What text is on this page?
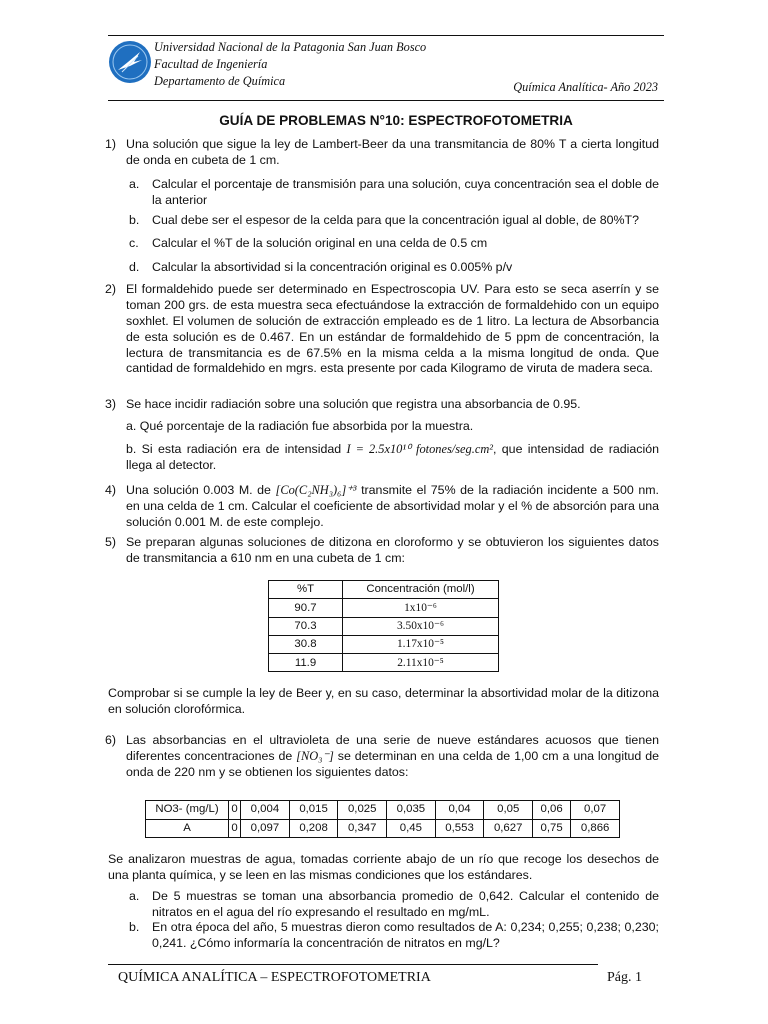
Universidad Nacional de la Patagonia San Juan Bosco
Facultad de Ingeniería
Departamento de Química	Química Analítica- Año 2023
GUÍA DE PROBLEMAS N°10: ESPECTROFOTOMETRIA
1) Una solución que sigue la ley de Lambert-Beer da una transmitancia de 80% T a cierta longitud de onda en cubeta de 1 cm.
a. Calcular el porcentaje de transmisión para una solución, cuya concentración sea el doble de la anterior
b. Cual debe ser el espesor de la celda para que la concentración igual al doble, de 80%T?
c. Calcular el %T de la solución original en una celda de 0.5 cm
d. Calcular la absortividad si la concentración original es 0.005% p/v
2) El formaldehido puede ser determinado en Espectroscopia UV. Para esto se seca aserrín y se toman 200 grs. de esta muestra seca efectuándose la extracción de formaldehido con un equipo soxhlet. El volumen de solución de extracción empleado es de 1 litro. La lectura de Absorbancia de esta solución es de 0.467. En un estándar de formaldehido de 5 ppm de concentración, la lectura de transmitancia es de 67.5% en la misma celda a la misma longitud de onda. Que cantidad de formaldehido en mgrs. esta presente por cada Kilogramo de viruta de madera seca.
3) Se hace incidir radiación sobre una solución que registra una absorbancia de 0.95.
a. Qué porcentaje de la radiación fue absorbida por la muestra.
b. Si esta radiación era de intensidad I = 2.5x10¹⁰ fotones/seg.cm², que intensidad de radiación llega al detector.
4) Una solución 0.003 M. de [Co(C₂NH₃)₆]⁺³ transmite el 75% de la radiación incidente a 500 nm. en una celda de 1 cm. Calcular el coeficiente de absortividad molar y el % de absorción para una solución 0.001 M. de este complejo.
5) Se preparan algunas soluciones de ditizona en cloroformo y se obtuvieron los siguientes datos de transmitancia a 610 nm en una cubeta de 1 cm:
%T	Concentración (mol/l)
90.7	1x10⁻⁶
70.3	3.50x10⁻⁶
30.8	1.17x10⁻⁵
11.9	2.11x10⁻⁵
Comprobar si se cumple la ley de Beer y, en su caso, determinar la absortividad molar de la ditizona en solución clorofórmica.
6) Las absorbancias en el ultravioleta de una serie de nueve estándares acuosos que tienen diferentes concentraciones de [NO₃⁻] se determinan en una celda de 1,00 cm a una longitud de onda de 220 nm y se obtienen los siguientes datos:
NO3- (mg/L)	0	0,004	0,015	0,025	0,035	0,04	0,05	0,06	0,07
A	0	0,097	0,208	0,347	0,45	0,553	0,627	0,75	0,866
Se analizaron muestras de agua, tomadas corriente abajo de un río que recoge los desechos de una planta química, y se leen en las mismas condiciones que los estándares.
a. De 5 muestras se toman una absorbancia promedio de 0,642. Calcular el contenido de nitratos en el agua del río expresando el resultado en mg/mL.
b. En otra época del año, 5 muestras dieron como resultados de A: 0,234; 0,255; 0,238; 0,230; 0,241. ¿Cómo informaría la concentración de nitratos en mg/L?
QUÍMICA ANALÍTICA – ESPECTROFOTOMETRIA	Pág. 1
